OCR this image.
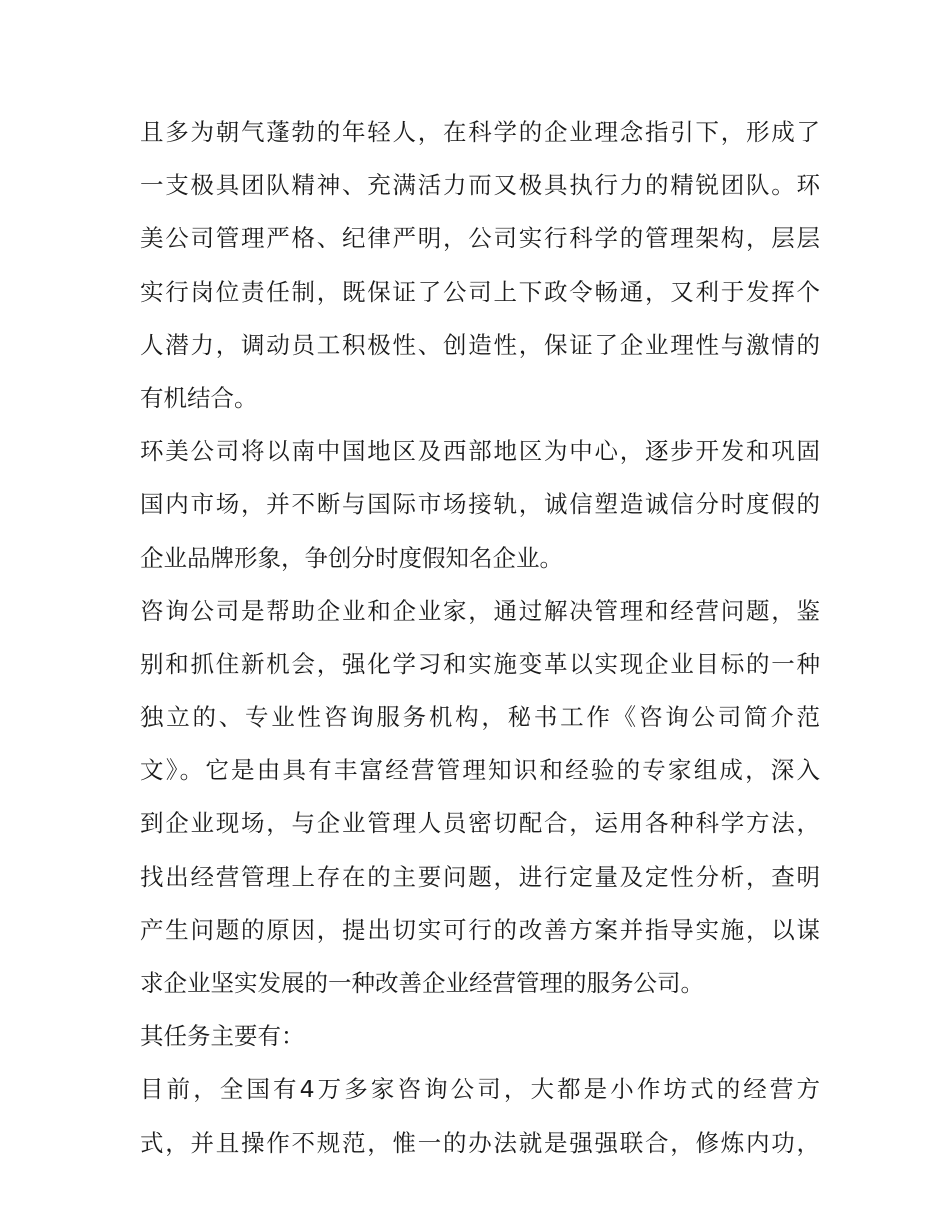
且多为朝气蓬勃的年轻人，在科学的企业理念指引下，形成了
一支极具团队精神、充满活力而又极具执行力的精锐团队。环
美公司管理严格、纪律严明，公司实行科学的管理架构，层层
实行岗位责任制，既保证了公司上下政令畅通，又利于发挥个
人潜力，调动员工积极性、创造性，保证了企业理性与激情的
有机结合。
环美公司将以南中国地区及西部地区为中心，逐步开发和巩固
国内市场，并不断与国际市场接轨，诚信塑造诚信分时度假的
企业品牌形象，争创分时度假知名企业。
咨询公司是帮助企业和企业家，通过解决管理和经营问题，鉴
别和抓住新机会，强化学习和实施变革以实现企业目标的一种
独立的、专业性咨询服务机构，秘书工作《咨询公司简介范
文》。它是由具有丰富经营管理知识和经验的专家组成，深入
到企业现场，与企业管理人员密切配合，运用各种科学方法，
找出经营管理上存在的主要问题，进行定量及定性分析，查明
产生问题的原因，提出切实可行的改善方案并指导实施，以谋
求企业坚实发展的一种改善企业经营管理的服务公司。
其任务主要有：
目前，全国有4万多家咨询公司，大都是小作坊式的经营方
式，并且操作不规范，惟一的办法就是强强联合，修炼内功，
